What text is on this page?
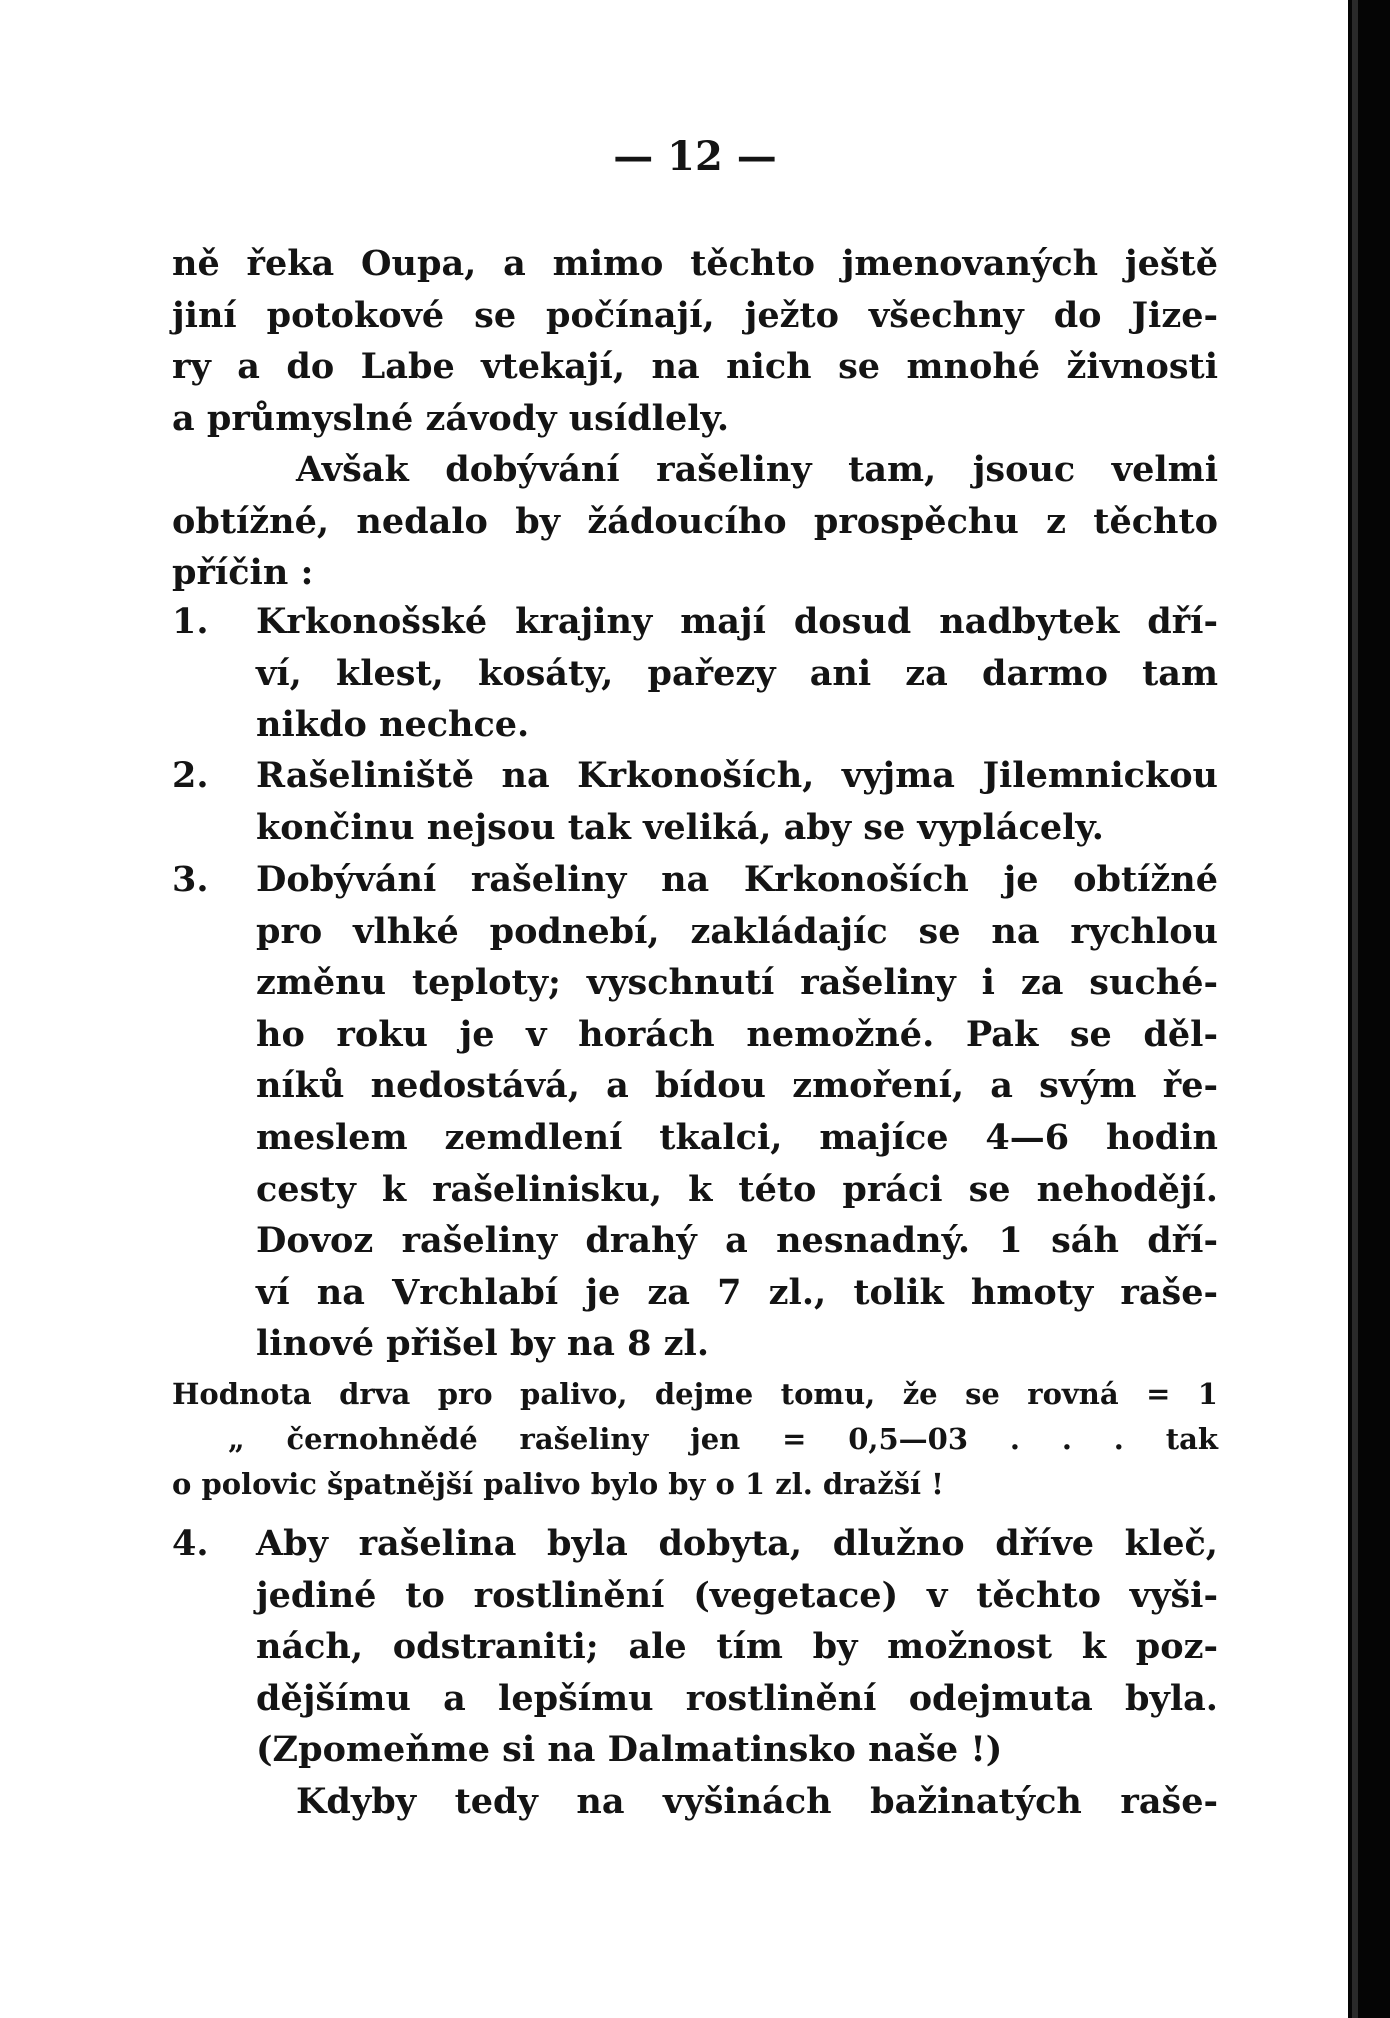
— 12 —
ně řeka Oupa, a mimo těchto jmenovaných ještě
jiní potokové se počínají, ježto všechny do Jize-
ry a do Labe vtekají, na nich se mnohé živnosti
a průmyslné závody usídlely.
Avšak dobývání rašeliny tam, jsouc velmi
obtížné, nedalo by žádoucího prospěchu z těchto
příčin :
1. Krkonošské krajiny mají dosud nadbytek dří-
ví, klest, kosáty, pařezy ani za darmo tam
nikdo nechce.
2. Rašeliniště na Krkonoších, vyjma Jilemnickou
končinu nejsou tak veliká, aby se vyplácely.
3. Dobývání rašeliny na Krkonoších je obtížné
pro vlhké podnebí, zakládajíc se na rychlou
změnu teploty; vyschnutí rašeliny i za suché-
ho roku je v horách nemožné. Pak se děl-
níků nedostává, a bídou zmoření, a svým ře-
meslem zemdlení tkalci, majíce 4—6 hodin
cesty k rašelinisku, k této práci se nehodějí.
Dovoz rašeliny drahý a nesnadný. 1 sáh dří-
ví na Vrchlabí je za 7 zl., tolik hmoty raše-
linové přišel by na 8 zl.
Hodnota drva pro palivo, dejme tomu, že se rovná = 1
„ černohnědé rašeliny jen = 0,5—03 . . . tak
o polovic špatnější palivo bylo by o 1 zl. dražší !
4. Aby rašelina byla dobyta, dlužno dříve kleč,
jediné to rostlinění (vegetace) v těchto vyši-
nách, odstraniti; ale tím by možnost k poz-
dějšímu a lepšímu rostlinění odejmuta byla.
(Zpomeňme si na Dalmatinsko naše !)
Kdyby tedy na vyšinách bažinatých raše-
